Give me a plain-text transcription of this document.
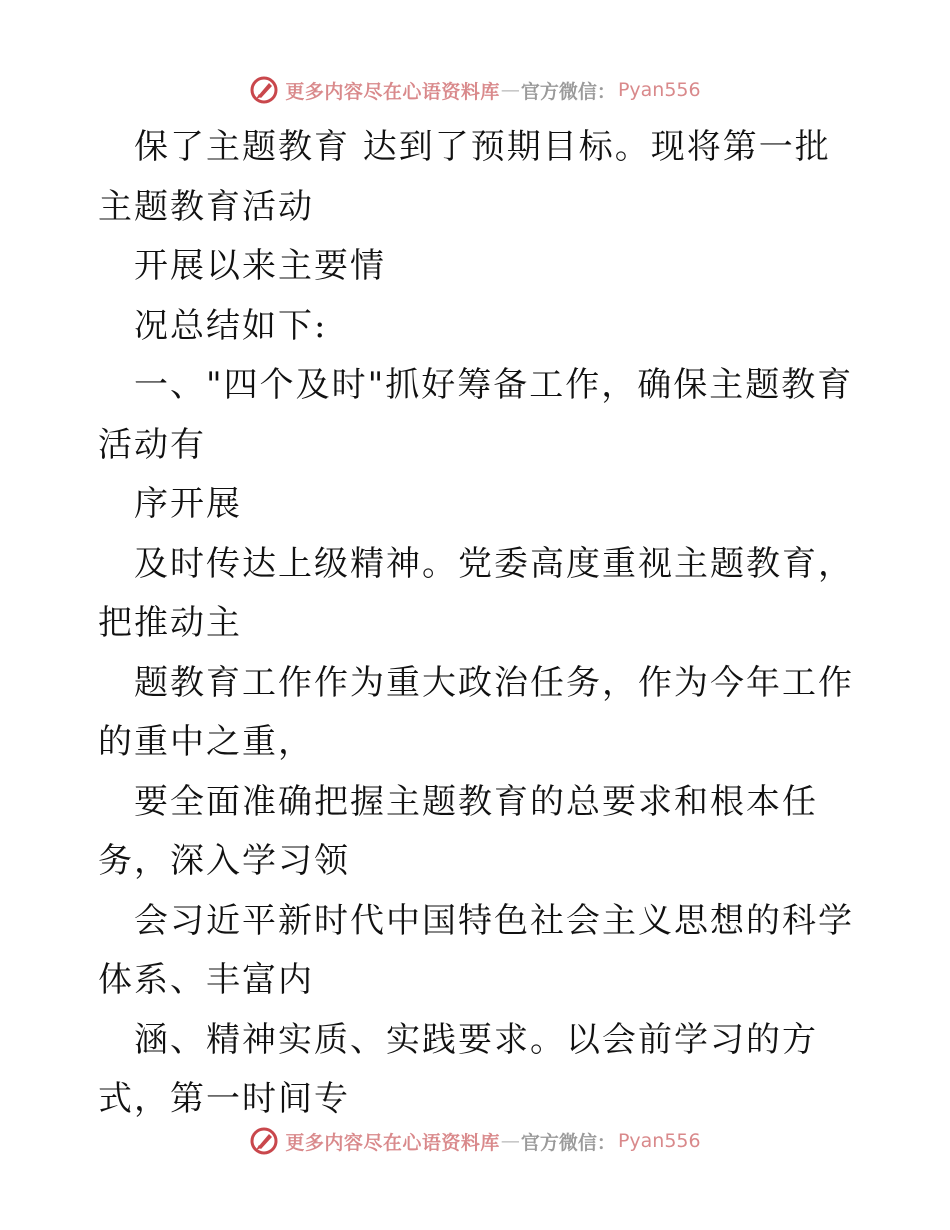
更多内容尽在心语资料库 — 官方微信： Pyan556

保了主题教育 达到了预期目标。现将第一批主题教育活动

开展以来主要情

况总结如下:

一、"四个及时"抓好筹备工作，确保主题教育活动有

序开展

及时传达上级精神。党委高度重视主题教育，把推动主

题教育工作作为重大政治任务，作为今年工作的重中之重，

要全面准确把握主题教育的总要求和根本任务，深入学习领

会习近平新时代中国特色社会主义思想的科学体系、丰富内

涵、精神实质、实践要求。以会前学习的方式，第一时间专

更多内容尽在心语资料库 — 官方微信： Pyan556
